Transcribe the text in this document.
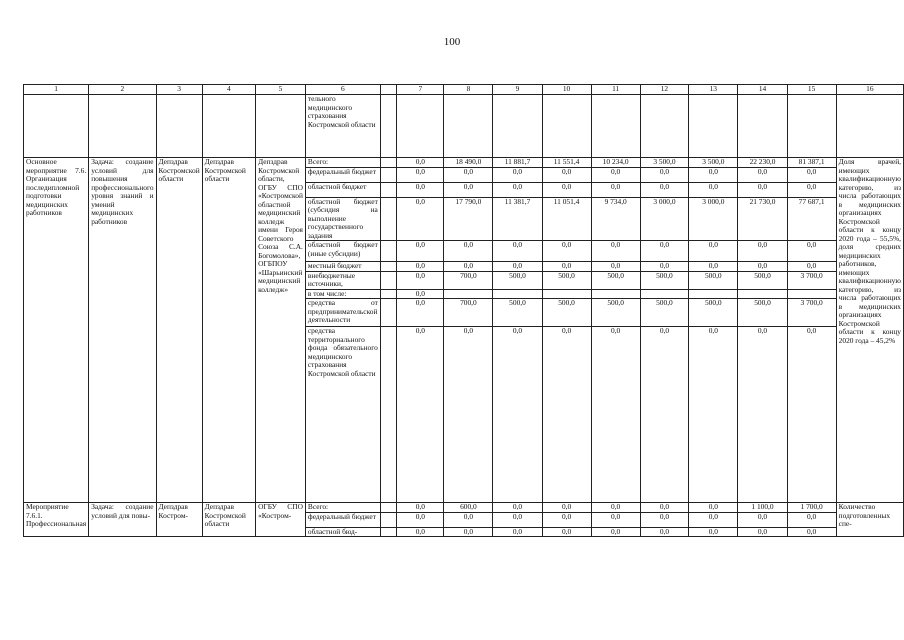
100
1	2	3	4	5	6		7	8	9	10	11	12	13	14	15	16
					тельного медицинского страхования Костромской области											
Основное мероприятие 7.6. Организация последипломной подготовки медицинских работников	Задача: создание условий для повышения профессионального уровня знаний и умений медицинских работников	Депздрав Костромской области	Депздрав Костромской области	Депздрав Костромской области, ОГБУ СПО «Костромской областной медицинский колледж имени Героя Советского Союза С.А. Богомолова», ОГБПОУ «Шарьинский медицинский колледж»	Всего:		0,0	18 490,0	11 881,7	11 551,4	10 234,0	3 500,0	3 500,0	22 230,0	81 387,1	Доля врачей, имеющих квалификационную категорию, из числа работающих в медицинских организациях Костромской области к концу 2020 года – 55,5%, доля средних медицинских работников, имеющих квалификационную категорию, из числа работающих в медицинских организациях Костромской области к концу 2020 года – 45,2%
					федеральный бюджет		0,0	0,0	0,0	0,0	0,0	0,0	0,0	0,0	0,0	
					областной бюджет		0,0	0,0	0,0	0,0	0,0	0,0	0,0	0,0	0,0	
					областной бюджет (субсидия на выполнение государственного задания		0,0	17 790,0	11 381,7	11 051,4	9 734,0	3 000,0	3 000,0	21 730,0	77 687,1	
					областной бюджет (иные субсидии)		0,0	0,0	0,0	0,0	0,0	0,0	0,0	0,0	0,0	
					местный бюджет		0,0	0,0	0,0	0,0	0,0	0,0	0,0	0,0	0,0	
					внебюджетные источники,		0,0	700,0	500,0	500,0	500,0	500,0	500,0	500,0	3 700,0	
					в том числе:		0,0									
					средства от предпринимательской деятельности		0,0	700,0	500,0	500,0	500,0	500,0	500,0	500,0	3 700,0	
					средства территориального фонда обязательного медицинского страхования Костромской области		0,0	0,0	0,0	0,0	0,0	0,0	0,0	0,0	0,0	
Мероприятие 7.6.1. Профессиональная	Задача: создание условий для повы-	Депздрав Костром-	Депздрав Костромской области	ОГБУ СПО «Костром-	Всего:		0,0	600,0	0,0	0,0	0,0	0,0	0,0	1 100,0	1 700,0	Количество подготовленных спе-
					федеральный бюджет		0,0	0,0	0,0	0,0	0,0	0,0	0,0	0,0	0,0	
					областной бюд-		0,0	0,0	0,0	0,0	0,0	0,0	0,0	0,0	0,0	
